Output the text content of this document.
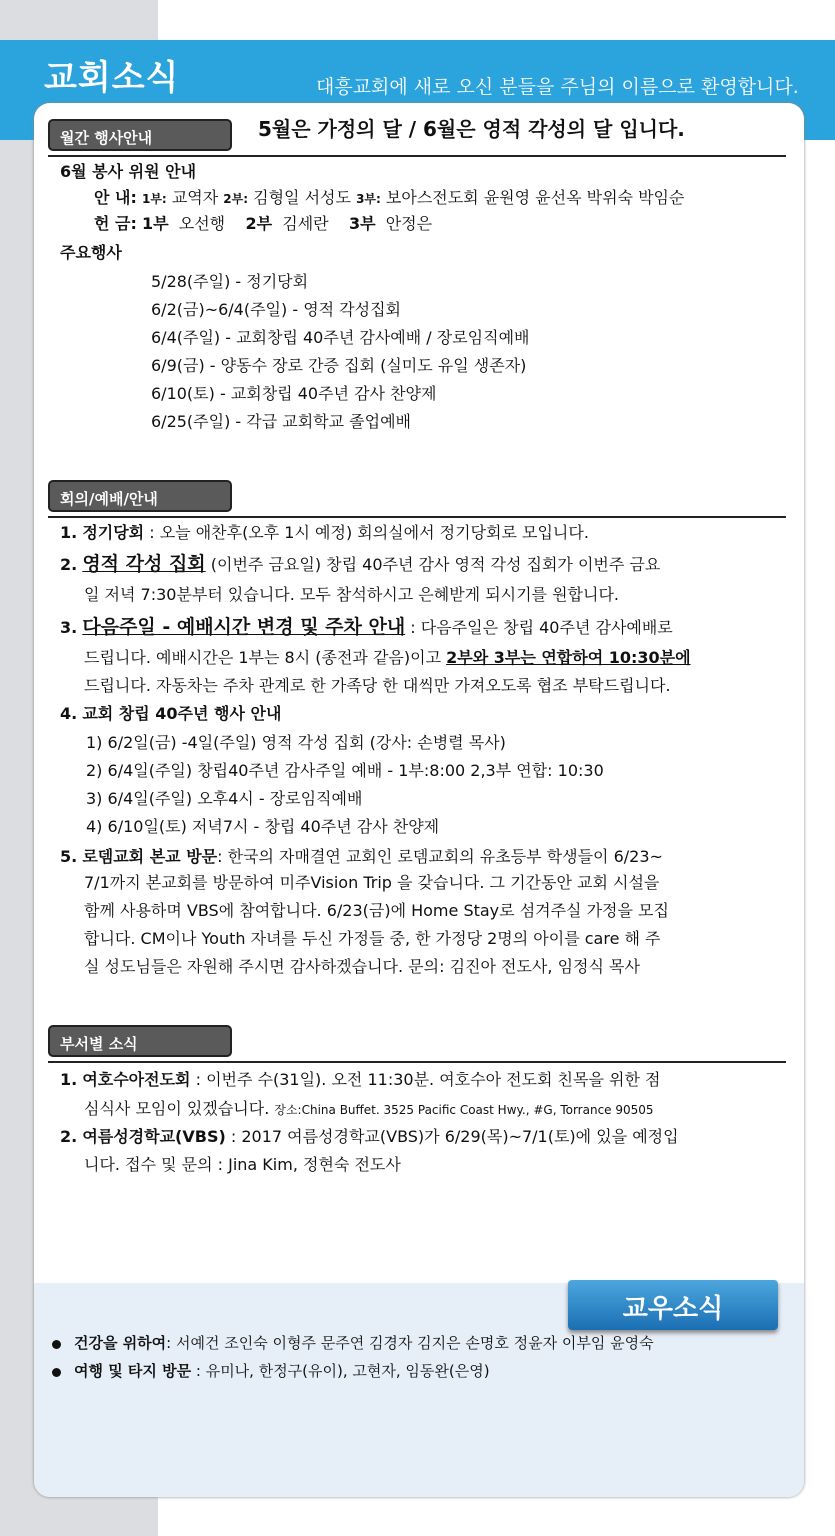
교회소식	대흥교회에 새로 오신 분들을 주님의 이름으로 환영합니다.
월간 행사안내	5월은 가정의 달 / 6월은 영적 각성의 달 입니다.
6월 봉사 위원 안내
안 내: 1부: 교역자 2부: 김형일 서성도 3부: 보아스전도회 윤원영 윤선옥 박위숙 박임순
헌 금: 1부 오선행 2부 김세란 3부 안정은
주요행사
5/28(주일) - 정기당회
6/2(금)~6/4(주일) - 영적 각성집회
6/4(주일) - 교회창립 40주년 감사예배 / 장로임직예배
6/9(금) - 양동수 장로 간증 집회 (실미도 유일 생존자)
6/10(토) - 교회창립 40주년 감사 찬양제
6/25(주일) - 각급 교회학교 졸업예배
회의/예배/안내
1. 정기당회 : 오늘 애찬후(오후 1시 예정) 회의실에서 정기당회로 모입니다.
2. 영적 각성 집회 (이번주 금요일) 창립 40주년 감사 영적 각성 집회가 이번주 금요
일 저녁 7:30분부터 있습니다. 모두 참석하시고 은혜받게 되시기를 원합니다.
3. 다음주일 - 예배시간 변경 및 주차 안내 : 다음주일은 창립 40주년 감사예배로
드립니다. 예배시간은 1부는 8시 (종전과 같음)이고 2부와 3부는 연합하여 10:30분에
드립니다. 자동차는 주차 관계로 한 가족당 한 대씩만 가져오도록 협조 부탁드립니다.
4. 교회 창립 40주년 행사 안내
1) 6/2일(금) -4일(주일) 영적 각성 집회 (강사: 손병렬 목사)
2) 6/4일(주일) 창립40주년 감사주일 예배 - 1부:8:00 2,3부 연합: 10:30
3) 6/4일(주일) 오후4시 - 장로임직예배
4) 6/10일(토) 저녁7시 - 창립 40주년 감사 찬양제
5. 로뎀교회 본교 방문: 한국의 자매결연 교회인 로뎀교회의 유초등부 학생들이 6/23~
7/1까지 본교회를 방문하여 미주Vision Trip 을 갖습니다. 그 기간동안 교회 시설을
함께 사용하며 VBS에 참여합니다. 6/23(금)에 Home Stay로 섬겨주실 가정을 모집
합니다. CM이나 Youth 자녀를 두신 가정들 중, 한 가정당 2명의 아이를 care 해 주
실 성도님들은 자원해 주시면 감사하겠습니다. 문의: 김진아 전도사, 임정식 목사
부서별 소식
1. 여호수아전도회 : 이번주 수(31일). 오전 11:30분. 여호수아 전도회 친목을 위한 점
심식사 모임이 있겠습니다. 장소:China Buffet. 3525 Pacific Coast Hwy., #G, Torrance 90505
2. 여름성경학교(VBS) : 2017 여름성경학교(VBS)가 6/29(목)~7/1(토)에 있을 예정입
니다. 접수 및 문의 : Jina Kim, 정현숙 전도사
건강을 위하여: 서예건 조인숙 이형주 문주연 김경자 김지은 손명호 정윤자 이부임 윤영숙
여행 및 타지 방문 : 유미나, 한정구(유이), 고현자, 임동완(은영)
교우소식
